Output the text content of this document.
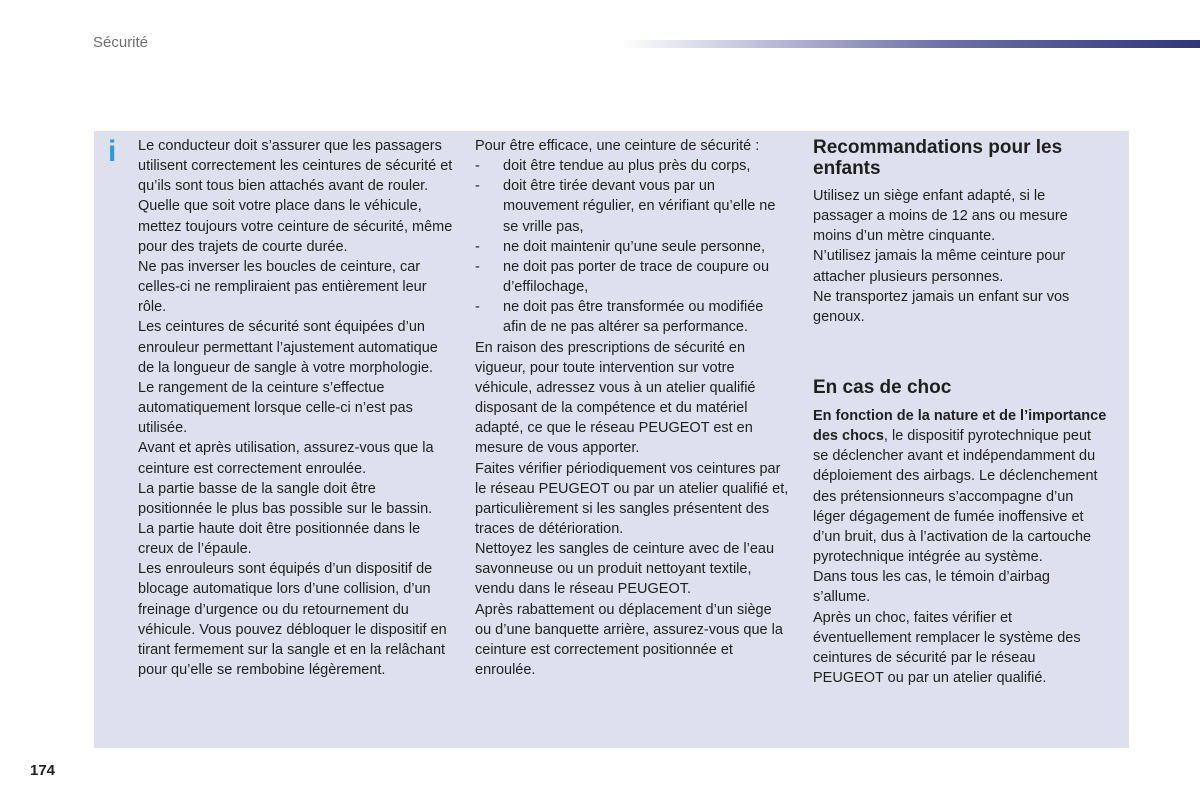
Sécurité
i Le conducteur doit s’assurer que les passagers utilisent correctement les ceintures de sécurité et qu’ils sont tous bien attachés avant de rouler.

Quelle que soit votre place dans le véhicule, mettez toujours votre ceinture de sécurité, même pour des trajets de courte durée.

Ne pas inverser les boucles de ceinture, car celles-ci ne rempliraient pas entièrement leur rôle.

Les ceintures de sécurité sont équipées d’un enrouleur permettant l’ajustement automatique de la longueur de sangle à votre morphologie. Le rangement de la ceinture s’effectue automatiquement lorsque celle-ci n’est pas utilisée.

Avant et après utilisation, assurez-vous que la ceinture est correctement enroulée.

La partie basse de la sangle doit être positionnée le plus bas possible sur le bassin.

La partie haute doit être positionnée dans le creux de l’épaule.

Les enrouleurs sont équipés d’un dispositif de blocage automatique lors d’une collision, d’un freinage d’urgence ou du retournement du véhicule. Vous pouvez débloquer le dispositif en tirant fermement sur la sangle et en la relâchant pour qu’elle se rembobine légèrement.

Pour être efficace, une ceinture de sécurité :

- doit être tendue au plus près du corps,
- doit être tirée devant vous par un mouvement régulier, en vérifiant qu’elle ne se vrille pas,
- ne doit maintenir qu’une seule personne,
- ne doit pas porter de trace de coupure ou d’effilochage,
- ne doit pas être transformée ou modifiée afin de ne pas altérer sa performance.

En raison des prescriptions de sécurité en vigueur, pour toute intervention sur votre véhicule, adressez vous à un atelier qualifié disposant de la compétence et du matériel adapté, ce que le réseau PEUGEOT est en mesure de vous apporter.

Faites vérifier périodiquement vos ceintures par le réseau PEUGEOT ou par un atelier qualifié et, particulièrement si les sangles présentent des traces de détérioration.

Nettoyez les sangles de ceinture avec de l’eau savonneuse ou un produit nettoyant textile, vendu dans le réseau PEUGEOT.

Après rabattement ou déplacement d’un siège ou d’une banquette arrière, assurez-vous que la ceinture est correctement positionnée et enroulée.

Recommandations pour les enfants

Utilisez un siège enfant adapté, si le passager a moins de 12 ans ou mesure moins d’un mètre cinquante.

N’utilisez jamais la même ceinture pour attacher plusieurs personnes.

Ne transportez jamais un enfant sur vos genoux.

En cas de choc

En fonction de la nature et de l’importance des chocs, le dispositif pyrotechnique peut se déclencher avant et indépendamment du déploiement des airbags. Le déclenchement des prétensionneurs s’accompagne d’un léger dégagement de fumée inoffensive et d’un bruit, dus à l’activation de la cartouche pyrotechnique intégrée au système.

Dans tous les cas, le témoin d’airbag s’allume.

Après un choc, faites vérifier et éventuellement remplacer le système des ceintures de sécurité par le réseau PEUGEOT ou par un atelier qualifié.

174
